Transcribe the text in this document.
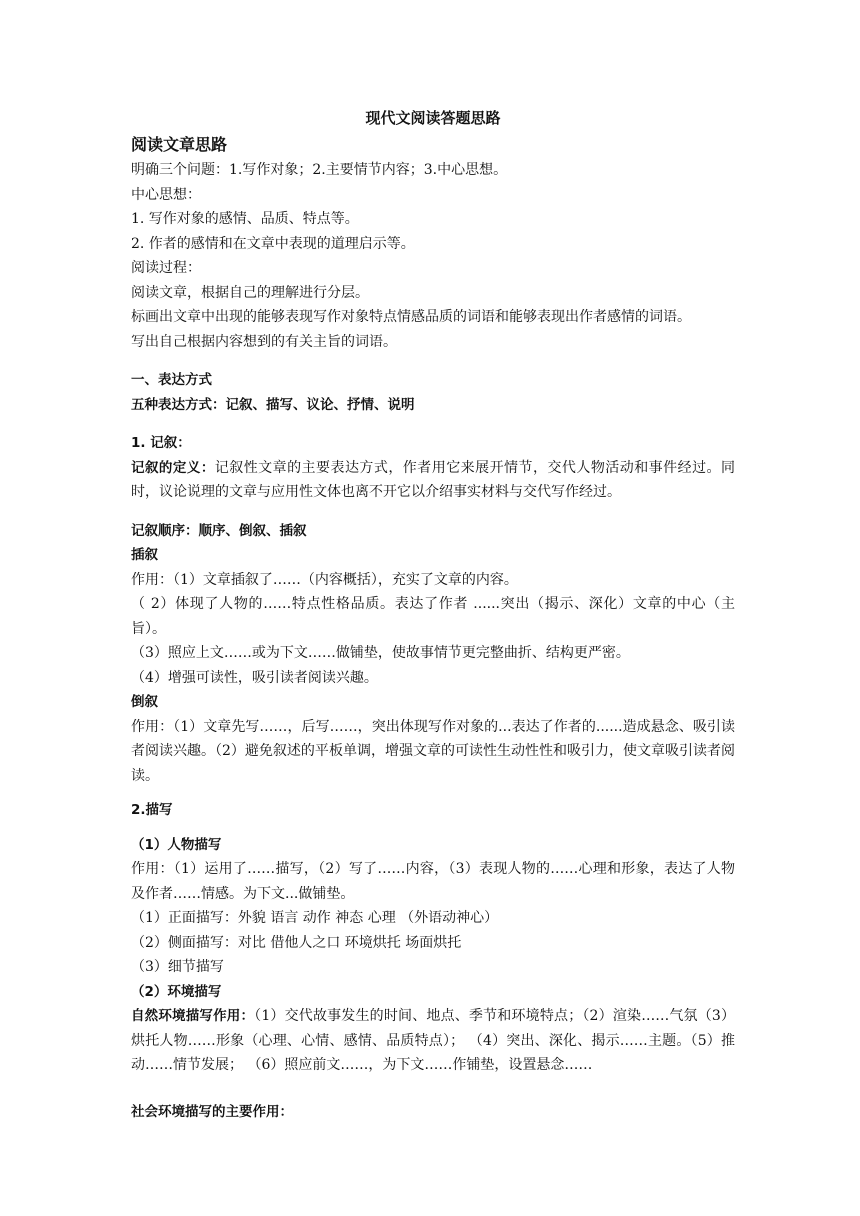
现代文阅读答题思路
阅读文章思路
明确三个问题：1.写作对象；2.主要情节内容；3.中心思想。
中心思想：
1. 写作对象的感情、品质、特点等。
2. 作者的感情和在文章中表现的道理启示等。
阅读过程：
阅读文章，根据自己的理解进行分层。
标画出文章中出现的能够表现写作对象特点情感品质的词语和能够表现出作者感情的词语。
写出自己根据内容想到的有关主旨的词语。
一、表达方式
五种表达方式：记叙、描写、议论、抒情、说明
1. 记叙：
记叙的定义：记叙性文章的主要表达方式，作者用它来展开情节，交代人物活动和事件经过。同时，议论说理的文章与应用性文体也离不开它以介绍事实材料与交代写作经过。
记叙顺序：顺序、倒叙、插叙
插叙
作用：（1）文章插叙了……（内容概括），充实了文章的内容。
（ 2）体现了人物的……特点性格品质。表达了作者 ......突出（揭示、深化）文章的中心（主旨）。
（3）照应上文……或为下文……做铺垫，使故事情节更完整曲折、结构更严密。
（4）增强可读性，吸引读者阅读兴趣。
倒叙
作用：（1）文章先写……，后写……，突出体现写作对象的...表达了作者的......造成悬念、吸引读者阅读兴趣。（2）避免叙述的平板单调，增强文章的可读性生动性性和吸引力，使文章吸引读者阅读。
2.描写
（1）人物描写
作用：（1）运用了……描写，（2）写了……内容，（3）表现人物的……心理和形象，表达了人物及作者……情感。为下文...做铺垫。
（1）正面描写：外貌 语言 动作 神态 心理 （外语动神心）
（2）侧面描写：对比 借他人之口 环境烘托 场面烘托
（3）细节描写
（2）环境描写
自然环境描写作用：（1）交代故事发生的时间、地点、季节和环境特点；（2）渲染……气氛（3）烘托人物……形象（心理、心情、感情、品质特点）； （4）突出、深化、揭示……主题。（5）推动……情节发展； （6）照应前文……，为下文……作铺垫，设置悬念……
社会环境描写的主要作用：
